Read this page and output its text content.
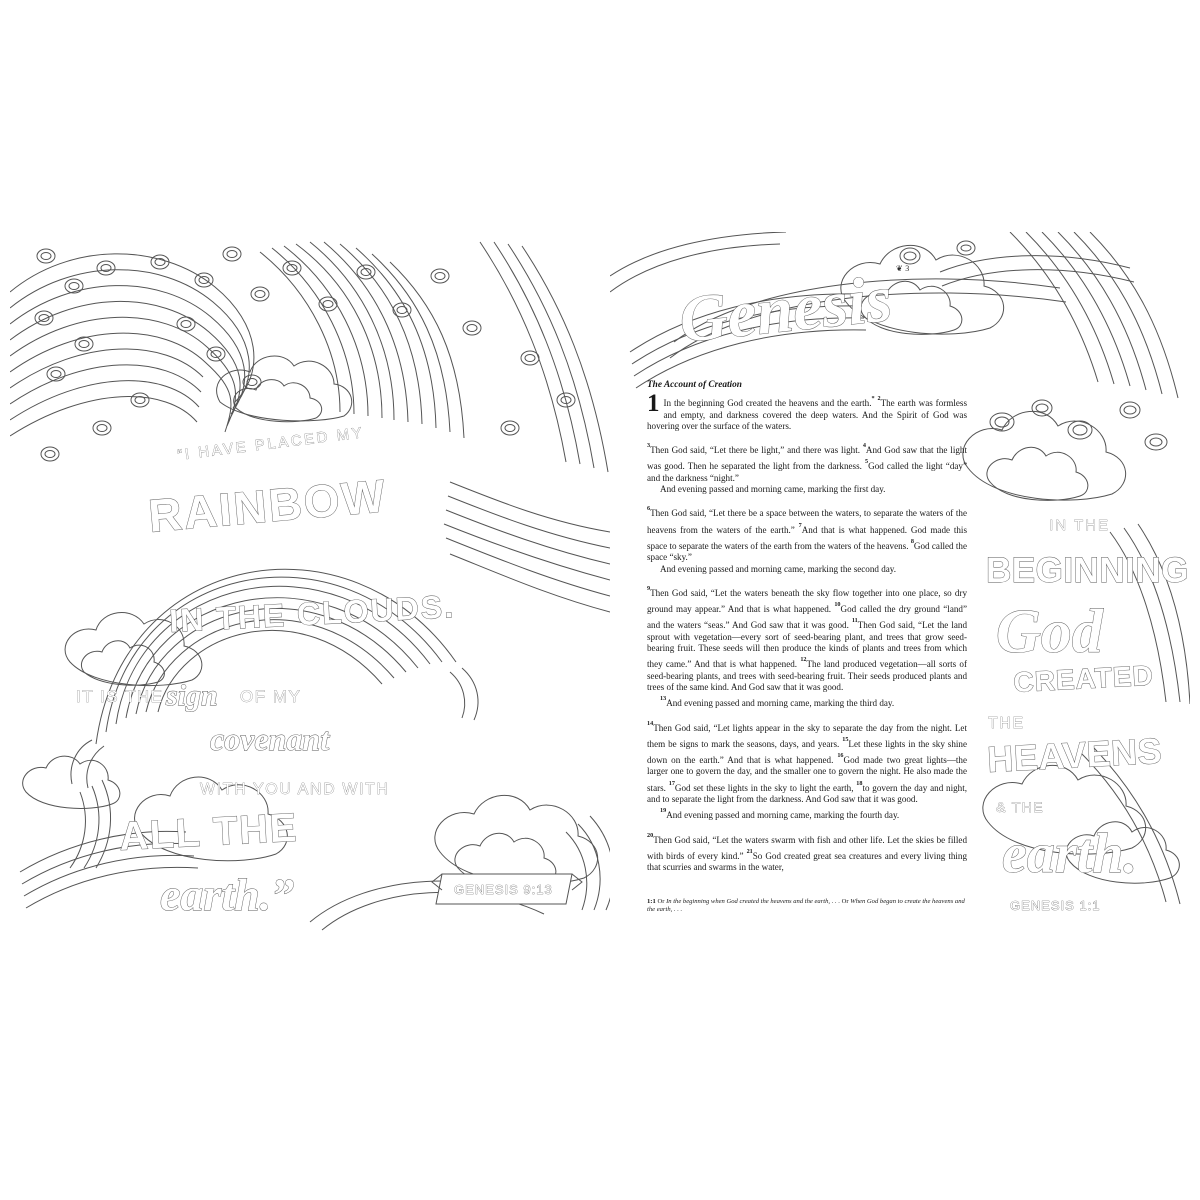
“I HAVE PLACED MY
RAINBOW
IN THE CLOUDS.
IT IS THE sign OF MY
covenant
WITH YOU AND WITH
ALL THE
earth.”	GENESIS 9:13
Genesis
IN THE
BEGINNING
God
CREATED
THE
HEAVENS
& THE
earth.
GENESIS 1:1
❦ 3
The Account of Creation

1 In the beginning God created the heavens and the earth.* $^2$The earth was formless and empty, and darkness covered the deep waters. And the Spirit of God was hovering over the surface of the waters.

$^3$Then God said, “Let there be light,” and there was light. $^4$And God saw that the light was good. Then he separated the light from the darkness. $^5$God called the light “day” and the darkness “night.”
And evening passed and morning came, marking the first day.

$^6$Then God said, “Let there be a space between the waters, to separate the waters of the heavens from the waters of the earth.” $^7$And that is what happened. God made this space to separate the waters of the earth from the waters of the heavens. $^8$God called the space “sky.”
And evening passed and morning came, marking the second day.

$^9$Then God said, “Let the waters beneath the sky flow together into one place, so dry ground may appear.” And that is what happened. $^{10}$God called the dry ground “land” and the waters “seas.” And God saw that it was good. $^{11}$Then God said, “Let the land sprout with vegetation—every sort of seed-bearing plant, and trees that grow seed-bearing fruit. These seeds will then produce the kinds of plants and trees from which they came.” And that is what happened. $^{12}$The land produced vegetation—all sorts of seed-bearing plants, and trees with seed-bearing fruit. Their seeds produced plants and trees of the same kind. And God saw that it was good.
$^{13}$And evening passed and morning came, marking the third day.

$^{14}$Then God said, “Let lights appear in the sky to separate the day from the night. Let them be signs to mark the seasons, days, and years. $^{15}$Let these lights in the sky shine down on the earth.” And that is what happened. $^{16}$God made two great lights—the larger one to govern the day, and the smaller one to govern the night. He also made the stars. $^{17}$God set these lights in the sky to light the earth, $^{18}$to govern the day and night, and to separate the light from the darkness. And God saw that it was good.
$^{19}$And evening passed and morning came, marking the fourth day.

$^{20}$Then God said, “Let the waters swarm with fish and other life. Let the skies be filled with birds of every kind.” $^{21}$So God created great sea creatures and every living thing that scurries and swarms in the water,

1:1 Or In the beginning when God created the heavens and the earth, . . . Or When God began to create the heavens and the earth, . . .
